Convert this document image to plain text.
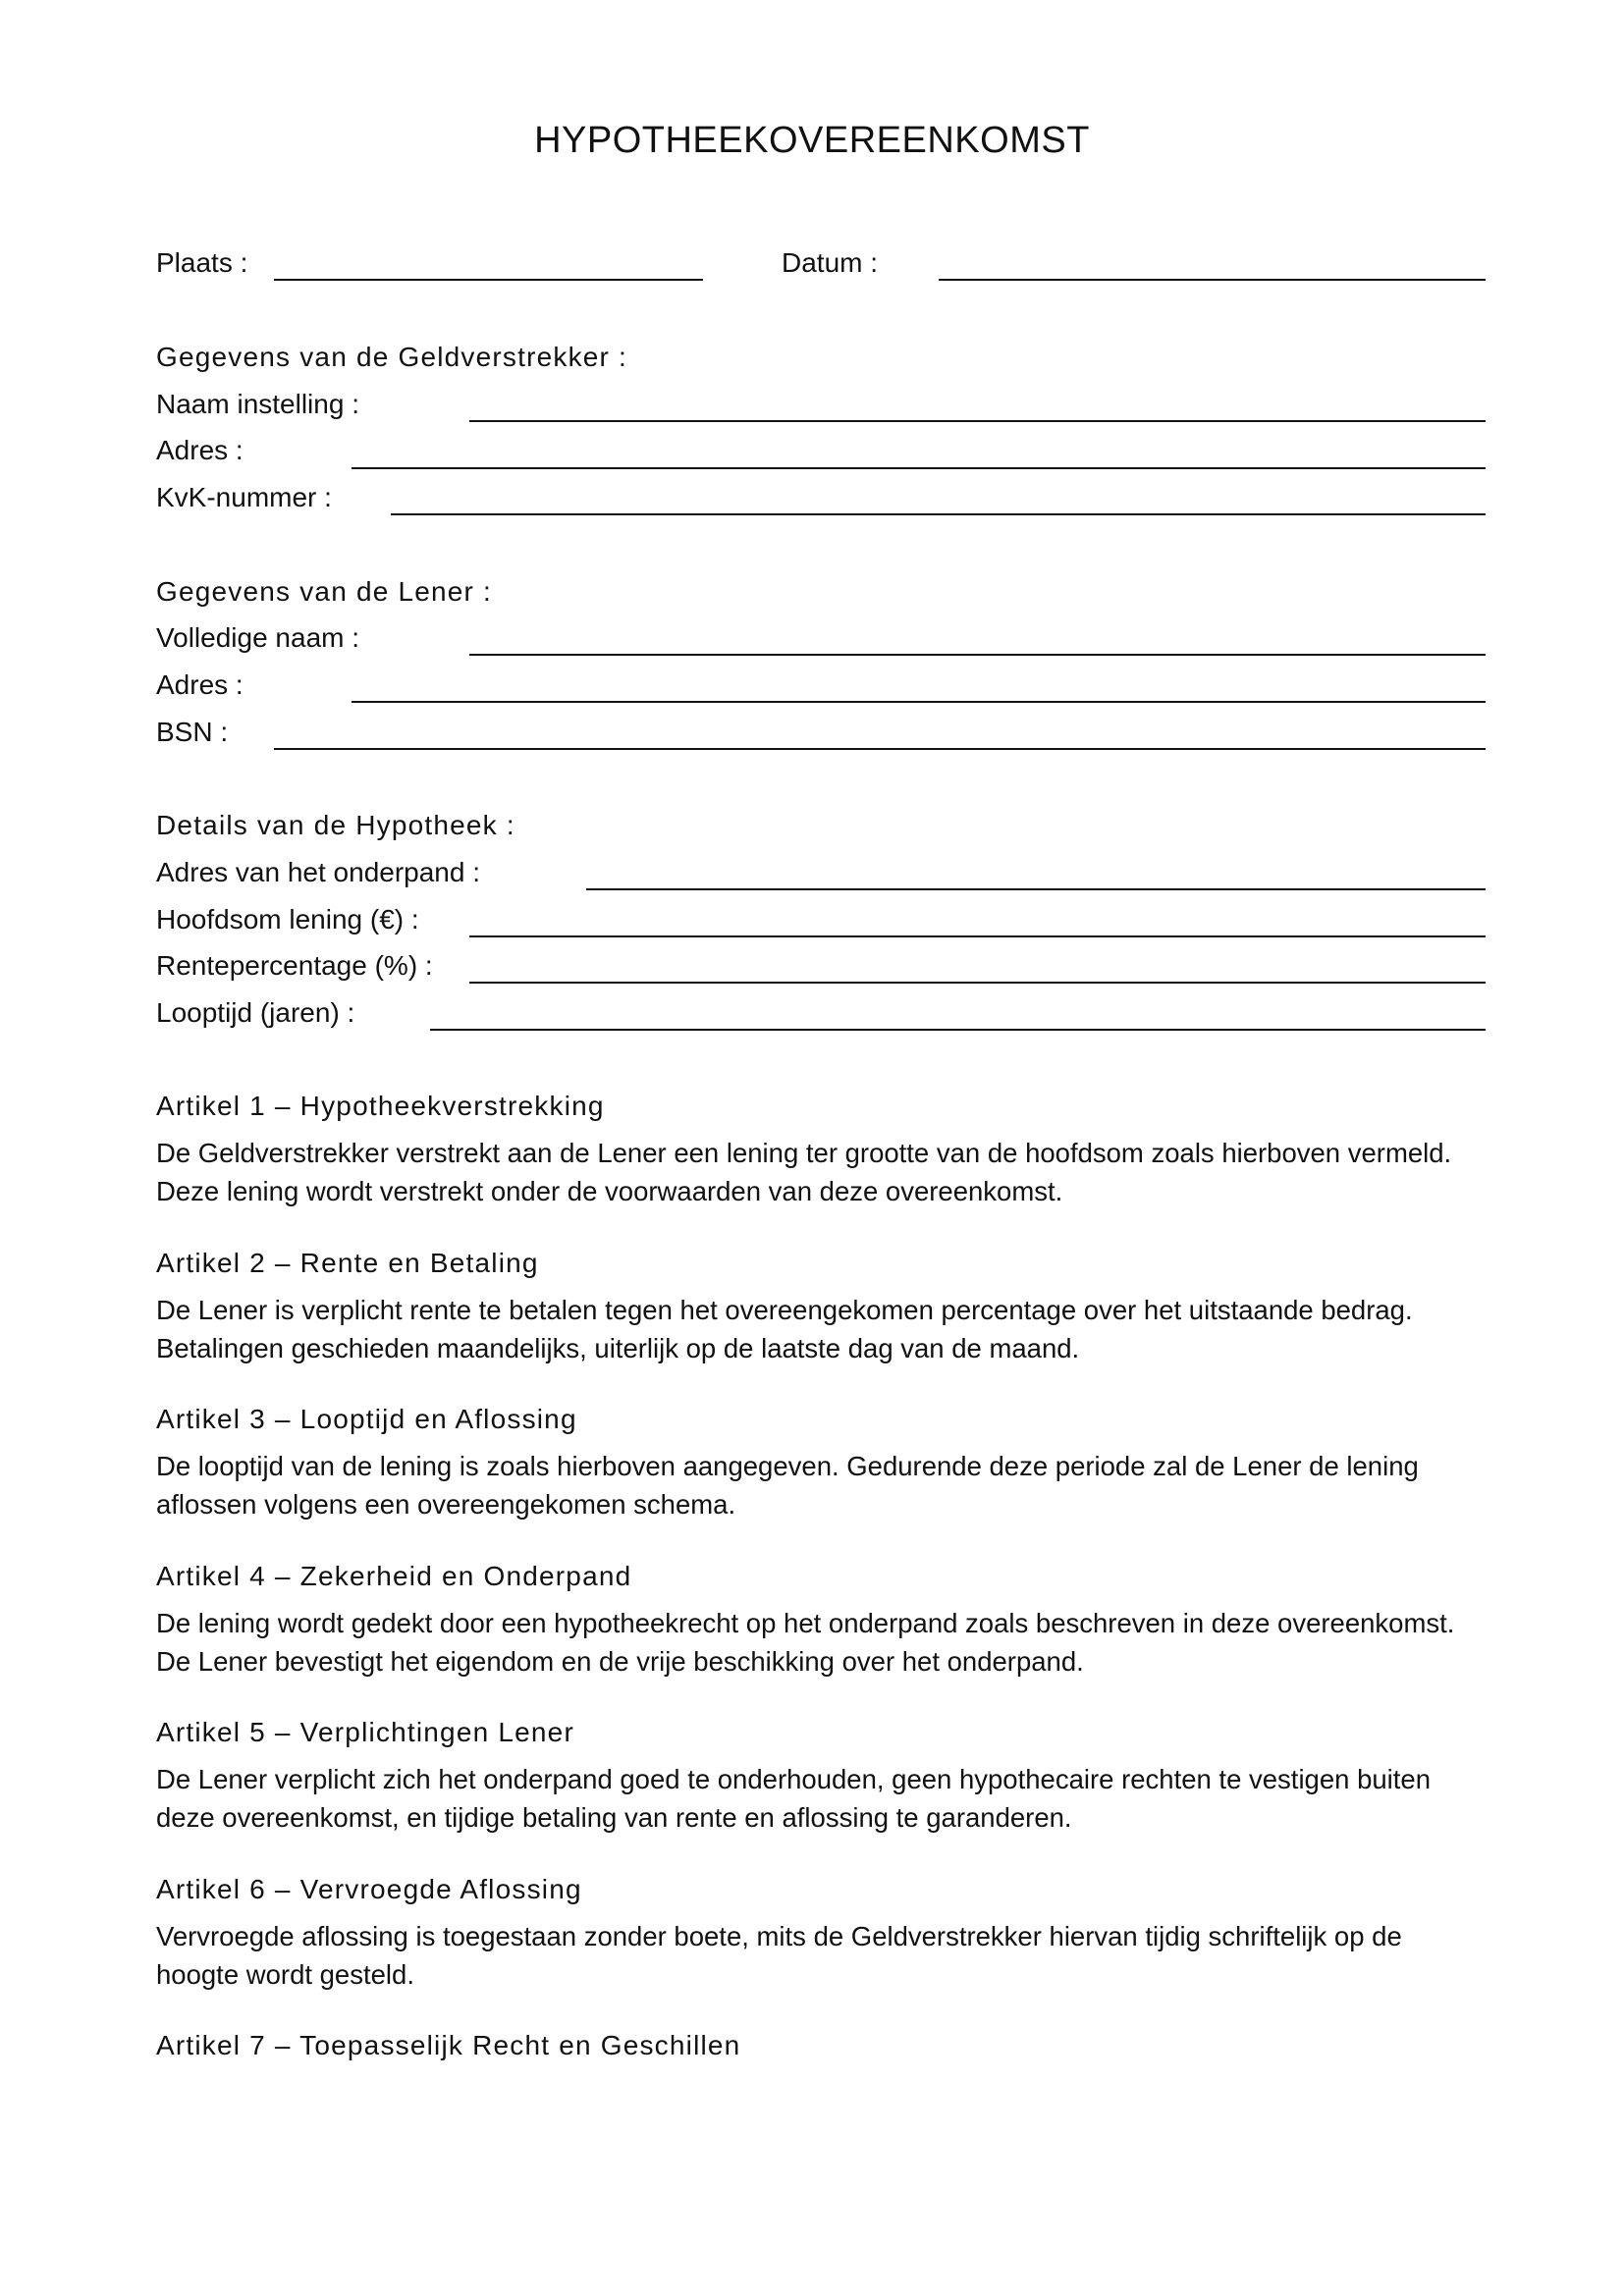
HYPOTHEEKOVEREENKOMST
Plaats :	Datum :
Gegevens van de Geldverstrekker :
Naam instelling :
Adres :
KvK-nummer :
Gegevens van de Lener :
Volledige naam :
Adres :
BSN :
Details van de Hypotheek :
Adres van het onderpand :
Hoofdsom lening (€) :
Rentepercentage (%) :
Looptijd (jaren) :
Artikel 1 – Hypotheekverstrekking
De Geldverstrekker verstrekt aan de Lener een lening ter grootte van de hoofdsom zoals hierboven vermeld. Deze lening wordt verstrekt onder de voorwaarden van deze overeenkomst.
Artikel 2 – Rente en Betaling
De Lener is verplicht rente te betalen tegen het overeengekomen percentage over het uitstaande bedrag. Betalingen geschieden maandelijks, uiterlijk op de laatste dag van de maand.
Artikel 3 – Looptijd en Aflossing
De looptijd van de lening is zoals hierboven aangegeven. Gedurende deze periode zal de Lener de lening aflossen volgens een overeengekomen schema.
Artikel 4 – Zekerheid en Onderpand
De lening wordt gedekt door een hypotheekrecht op het onderpand zoals beschreven in deze overeenkomst. De Lener bevestigt het eigendom en de vrije beschikking over het onderpand.
Artikel 5 – Verplichtingen Lener
De Lener verplicht zich het onderpand goed te onderhouden, geen hypothecaire rechten te vestigen buiten deze overeenkomst, en tijdige betaling van rente en aflossing te garanderen.
Artikel 6 – Vervroegde Aflossing
Vervroegde aflossing is toegestaan zonder boete, mits de Geldverstrekker hiervan tijdig schriftelijk op de hoogte wordt gesteld.
Artikel 7 – Toepasselijk Recht en Geschillen
